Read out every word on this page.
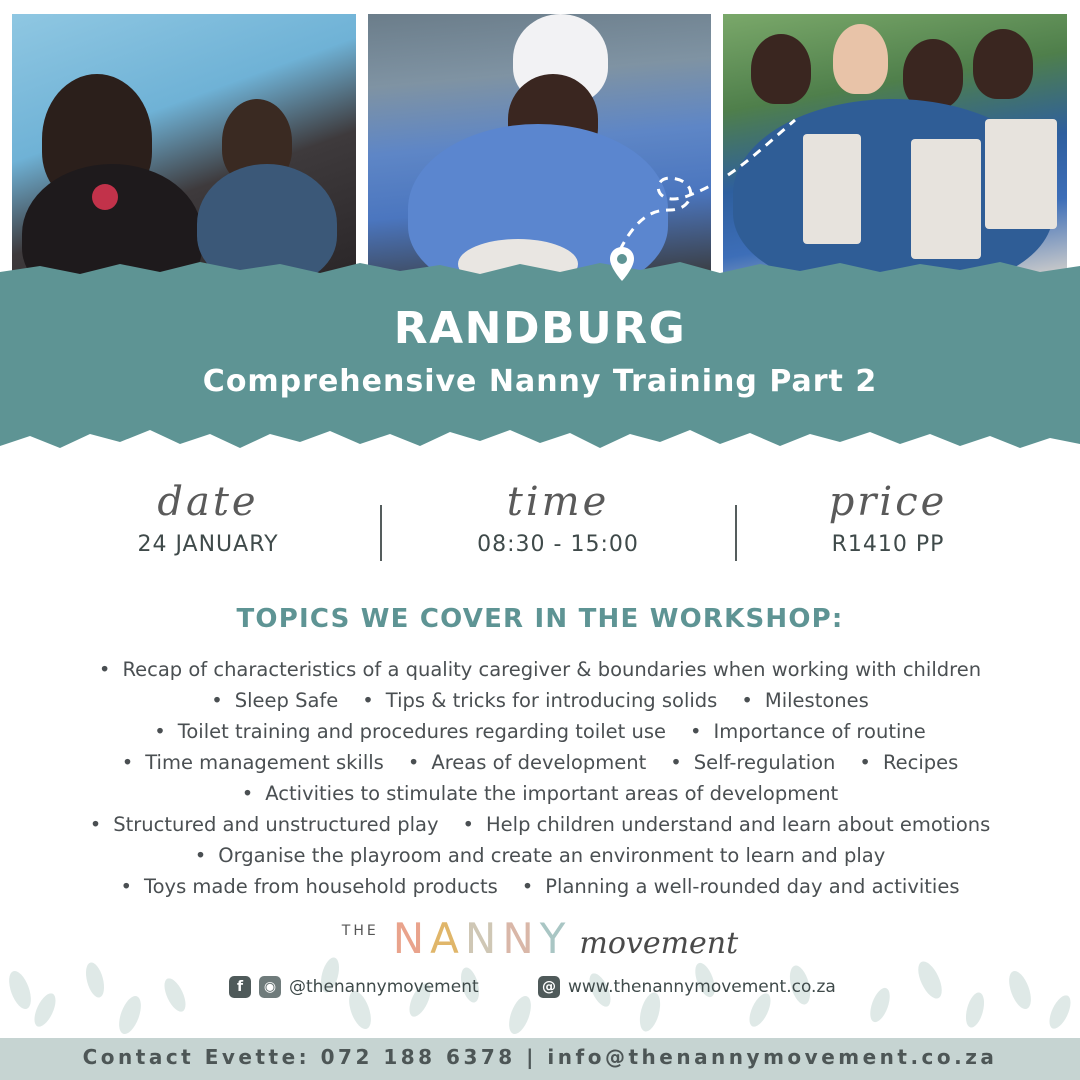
RANDBURG
Comprehensive Nanny Training Part 2
date
24 JANUARY
time
08:30 - 15:00
price
R1410 PP
TOPICS WE COVER IN THE WORKSHOP:
• Recap of characteristics of a quality caregiver & boundaries when working with children
• Sleep Safe • Tips & tricks for introducing solids • Milestones
• Toilet training and procedures regarding toilet use • Importance of routine
• Time management skills • Areas of development • Self-regulation • Recipes
• Activities to stimulate the important areas of development
• Structured and unstructured play • Help children understand and learn about emotions
• Organise the playroom and create an environment to learn and play
• Toys made from household products • Planning a well-rounded day and activities
THE NANNY movement
f ◉ @thenannymovement	@ www.thenannymovement.co.za
Contact Evette: 072 188 6378 | info@thenannymovement.co.za
